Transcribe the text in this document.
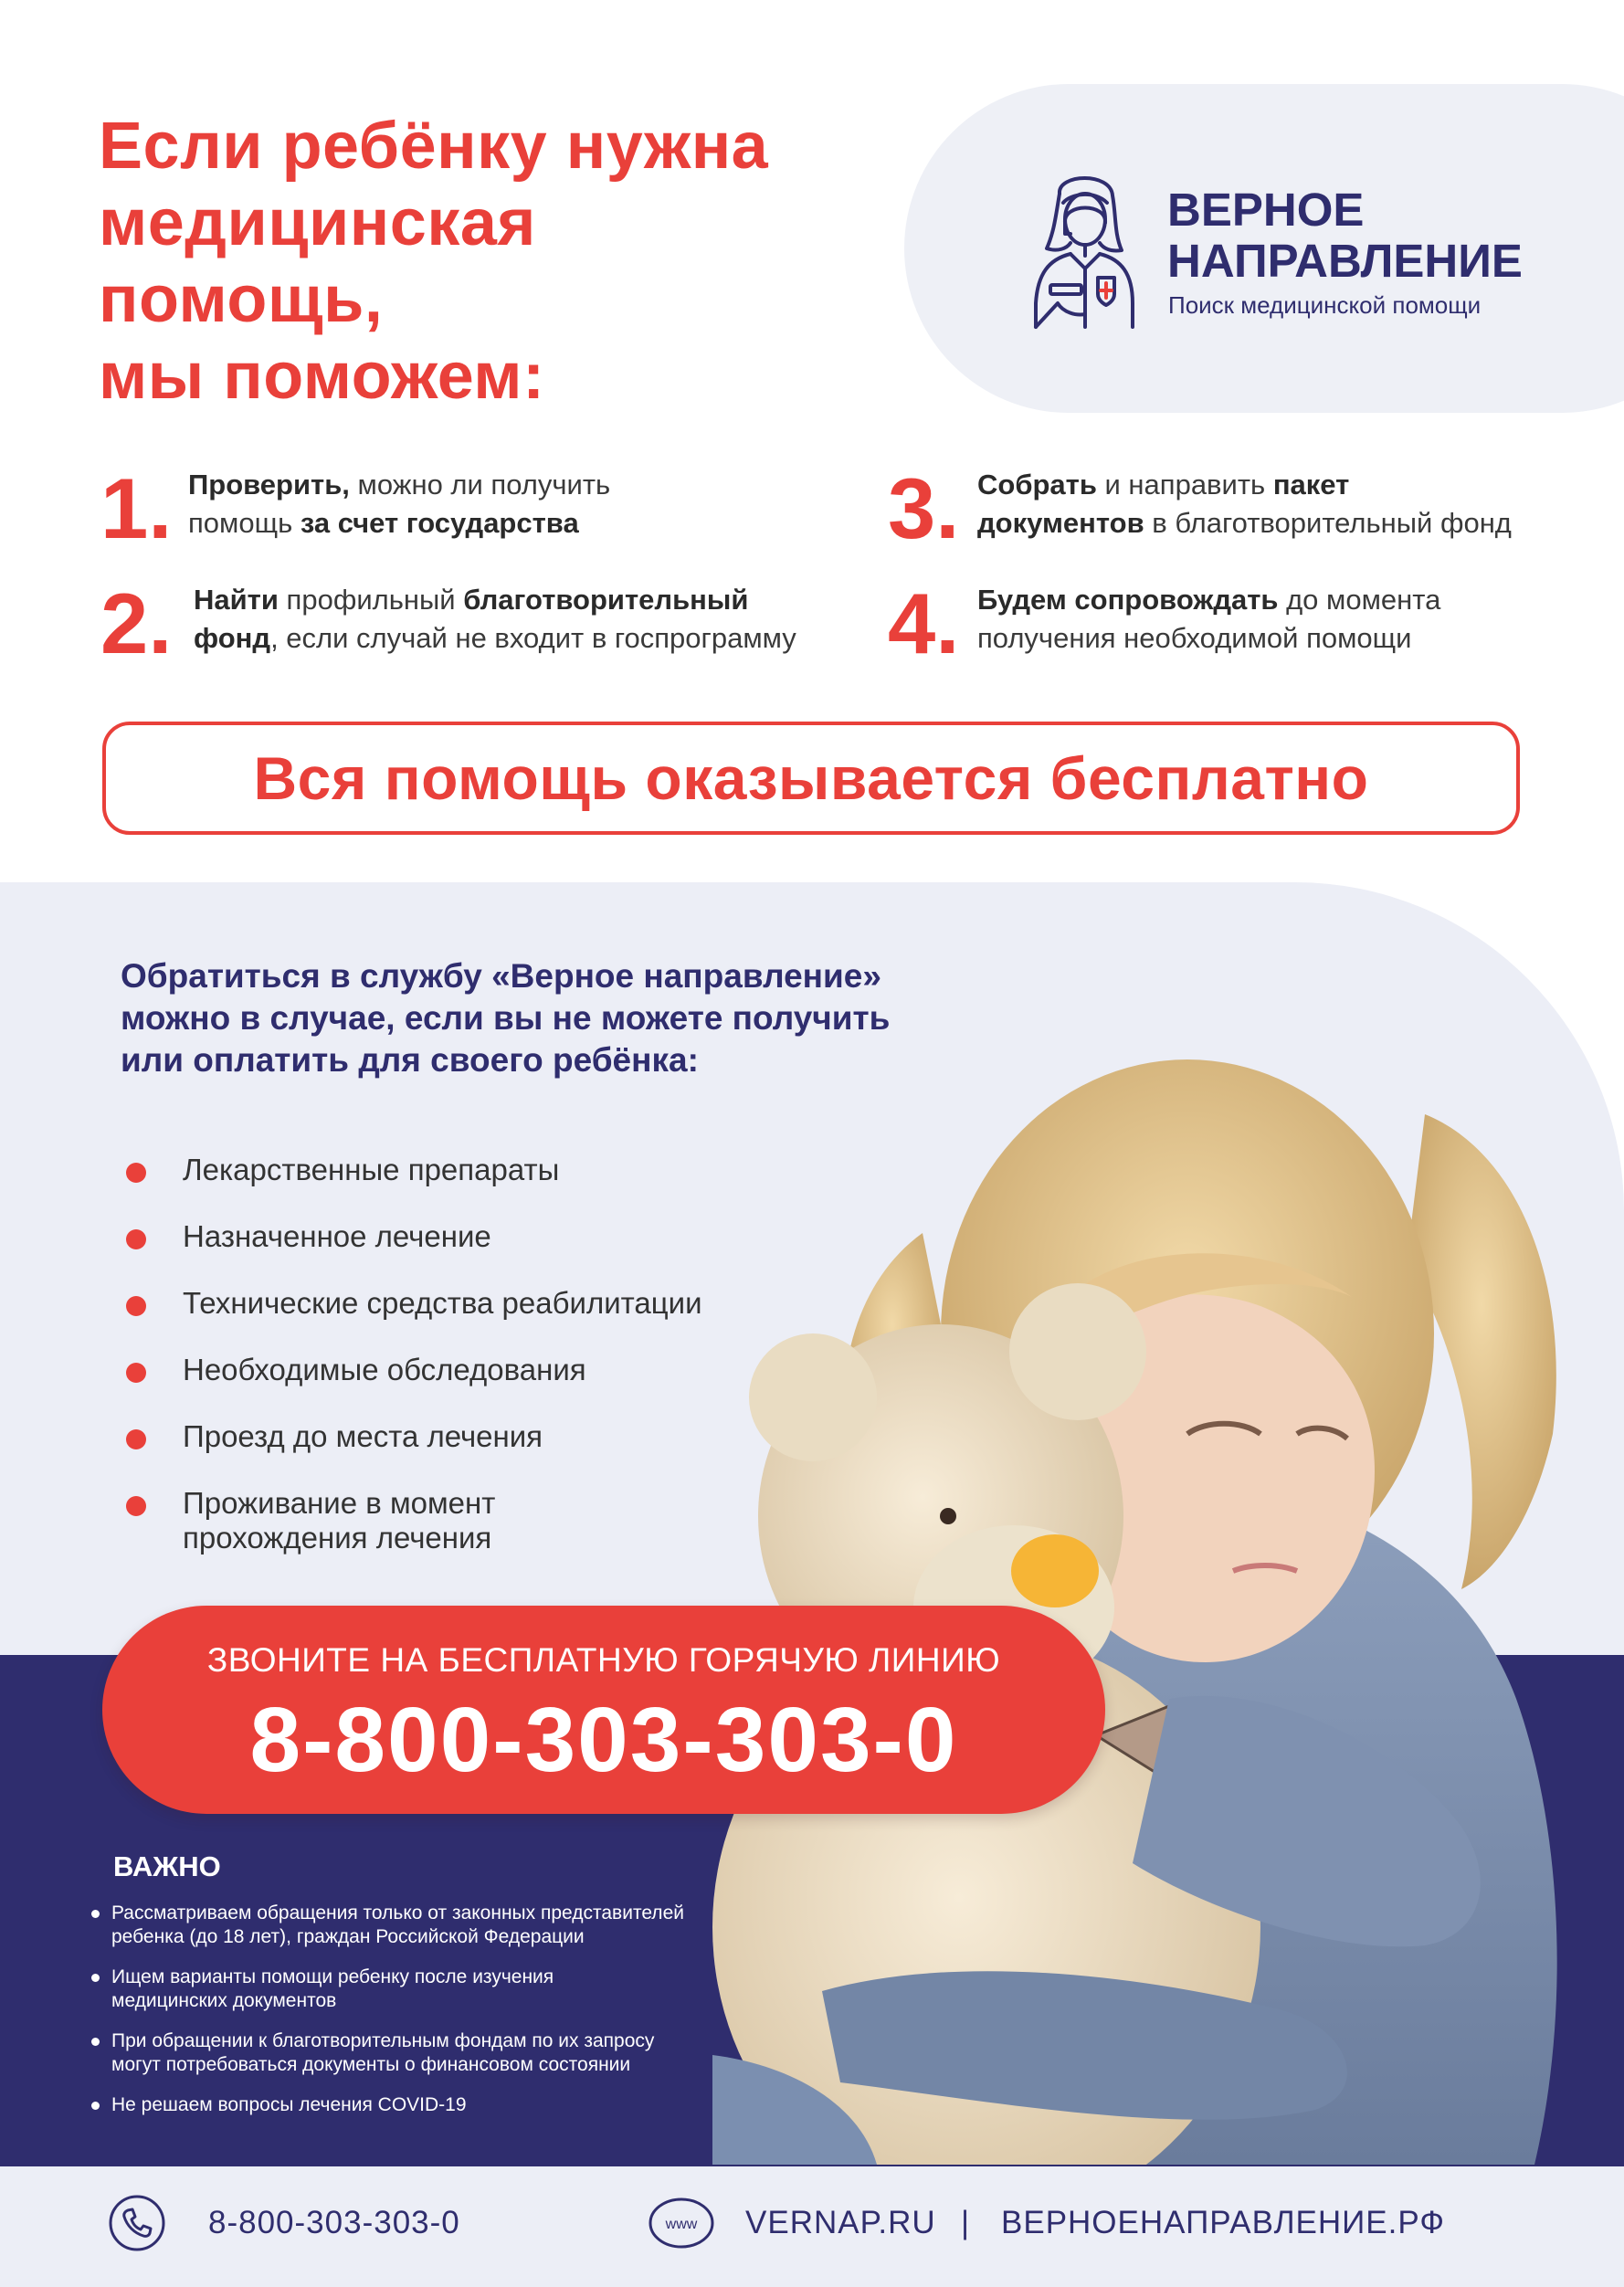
Если ребёнку нужна
медицинская
помощь,
мы поможем:
ВЕРНОЕ
НАПРАВЛЕНИЕ
Поиск медицинской помощи
1. Проверить, можно ли получить
помощь за счет государства
2. Найти профильный благотворительный
фонд, если случай не входит в госпрограмму
3. Собрать и направить пакет
документов в благотворительный фонд
4. Будем сопровождать до момента
получения необходимой помощи
Вся помощь оказывается бесплатно
Обратиться в службу «Верное направление»
можно в случае, если вы не можете получить
или оплатить для своего ребёнка:
Лекарственные препараты
Назначенное лечение
Технические средства реабилитации
Необходимые обследования
Проезд до места лечения
Проживание в момент
прохождения лечения
ЗВОНИТЕ НА БЕСПЛАТНУЮ ГОРЯЧУЮ ЛИНИЮ
8-800-303-303-0
ВАЖНО
Рассматриваем обращения только от законных представителей
ребенка (до 18 лет), граждан Российской Федерации
Ищем варианты помощи ребенку после изучения
медицинских документов
При обращении к благотворительным фондам по их запросу
могут потребоваться документы о финансовом состоянии
Не решаем вопросы лечения COVID-19
8-800-303-303-0	www VERNAP.RU | ВЕРНОЕНАПРАВЛЕНИЕ.РФ
